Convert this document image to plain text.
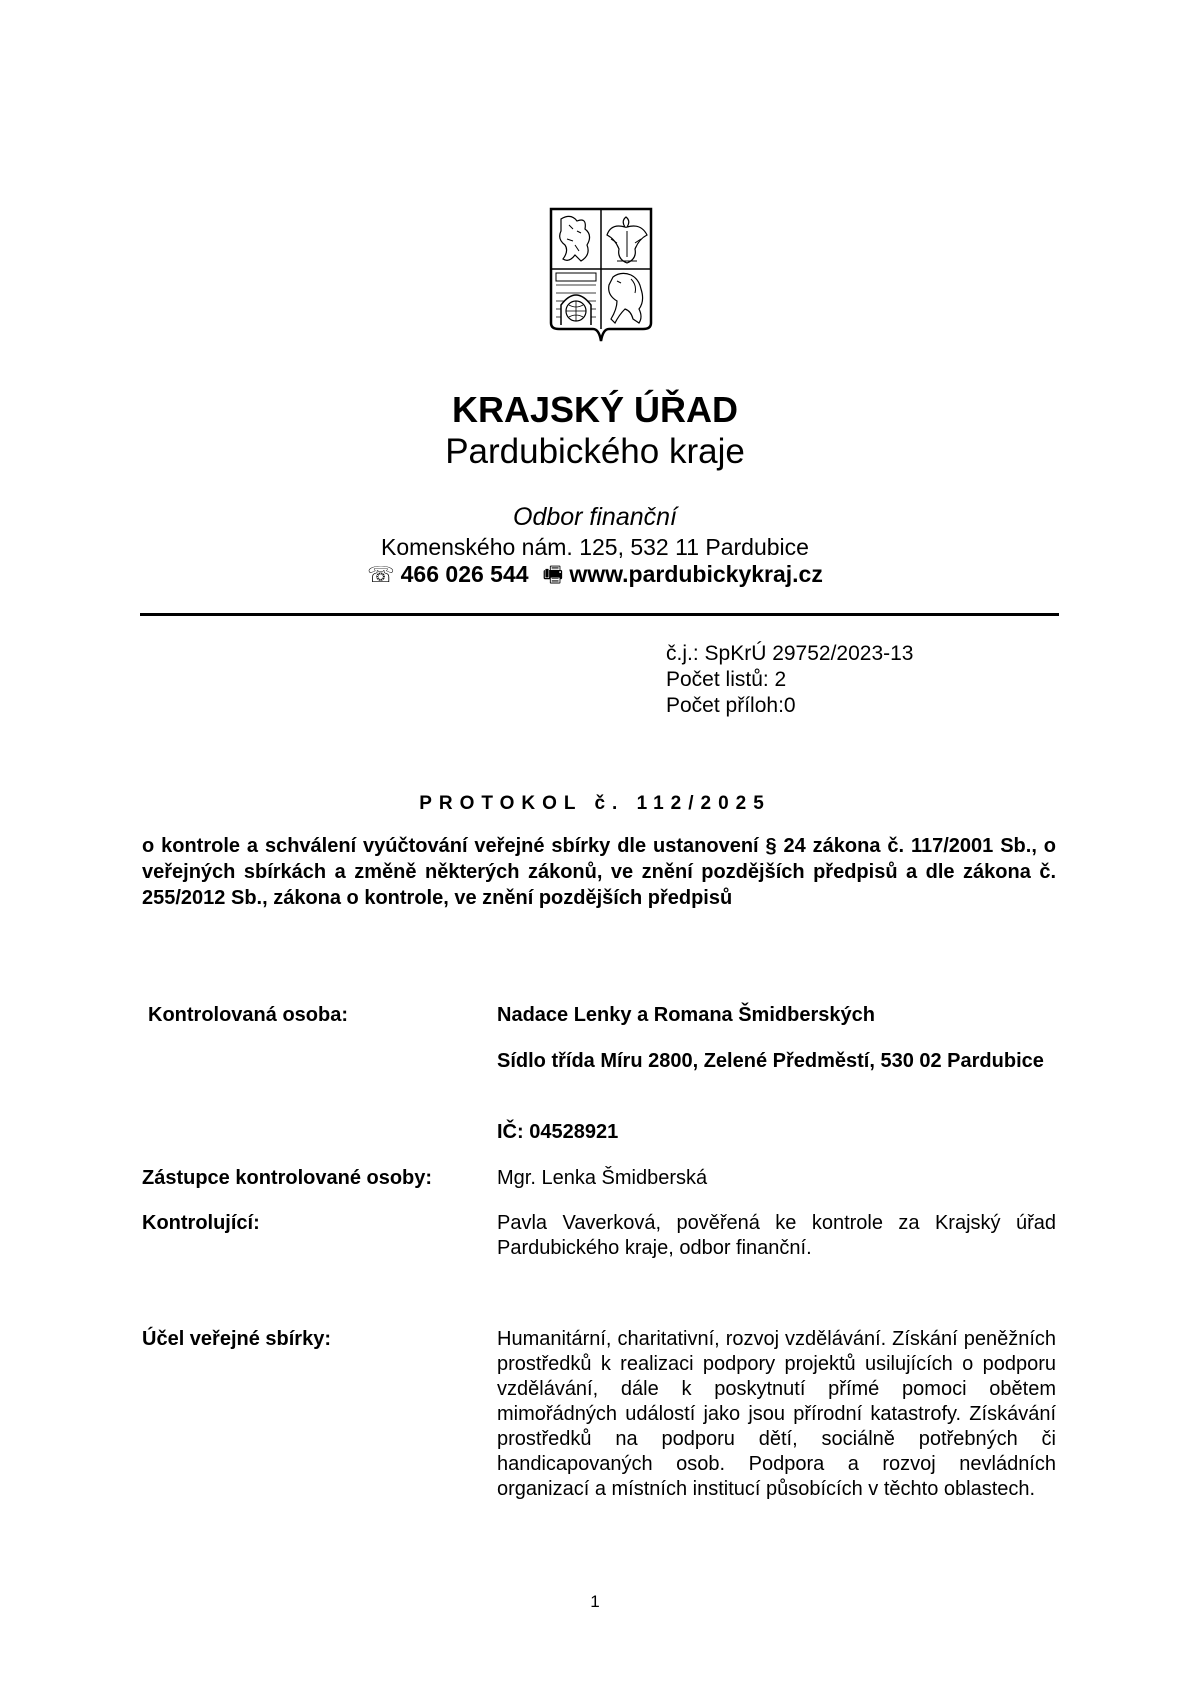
KRAJSKÝ ÚŘAD
Pardubického kraje
Odbor finanční
Komenského nám. 125, 532 11 Pardubice
☏ 466 026 544 🖷 www.pardubickykraj.cz
č.j.: SpKrÚ 29752/2023-13
Počet listů: 2
Počet příloh:0
PROTOKOL č. 112/2025
o kontrole a schválení vyúčtování veřejné sbírky dle ustanovení § 24 zákona č. 117/2001 Sb., o veřejných sbírkách a změně některých zákonů, ve znění pozdějších předpisů a dle zákona č. 255/2012 Sb., zákona o kontrole, ve znění pozdějších předpisů
Kontrolovaná osoba:	Nadace Lenky a Romana Šmidberských
Sídlo třída Míru 2800, Zelené Předměstí, 530 02 Pardubice
IČ: 04528921
Zástupce kontrolované osoby:	Mgr. Lenka Šmidberská
Kontrolující:	Pavla Vaverková, pověřená ke kontrole za Krajský úřad Pardubického kraje, odbor finanční.
Účel veřejné sbírky:	Humanitární, charitativní, rozvoj vzdělávání. Získání peněžních prostředků k realizaci podpory projektů usilujících o podporu vzdělávání, dále k poskytnutí přímé pomoci obětem mimořádných událostí jako jsou přírodní katastrofy. Získávání prostředků na podporu dětí, sociálně potřebných či handicapovaných osob. Podpora a rozvoj nevládních organizací a místních institucí působících v těchto oblastech.
1
